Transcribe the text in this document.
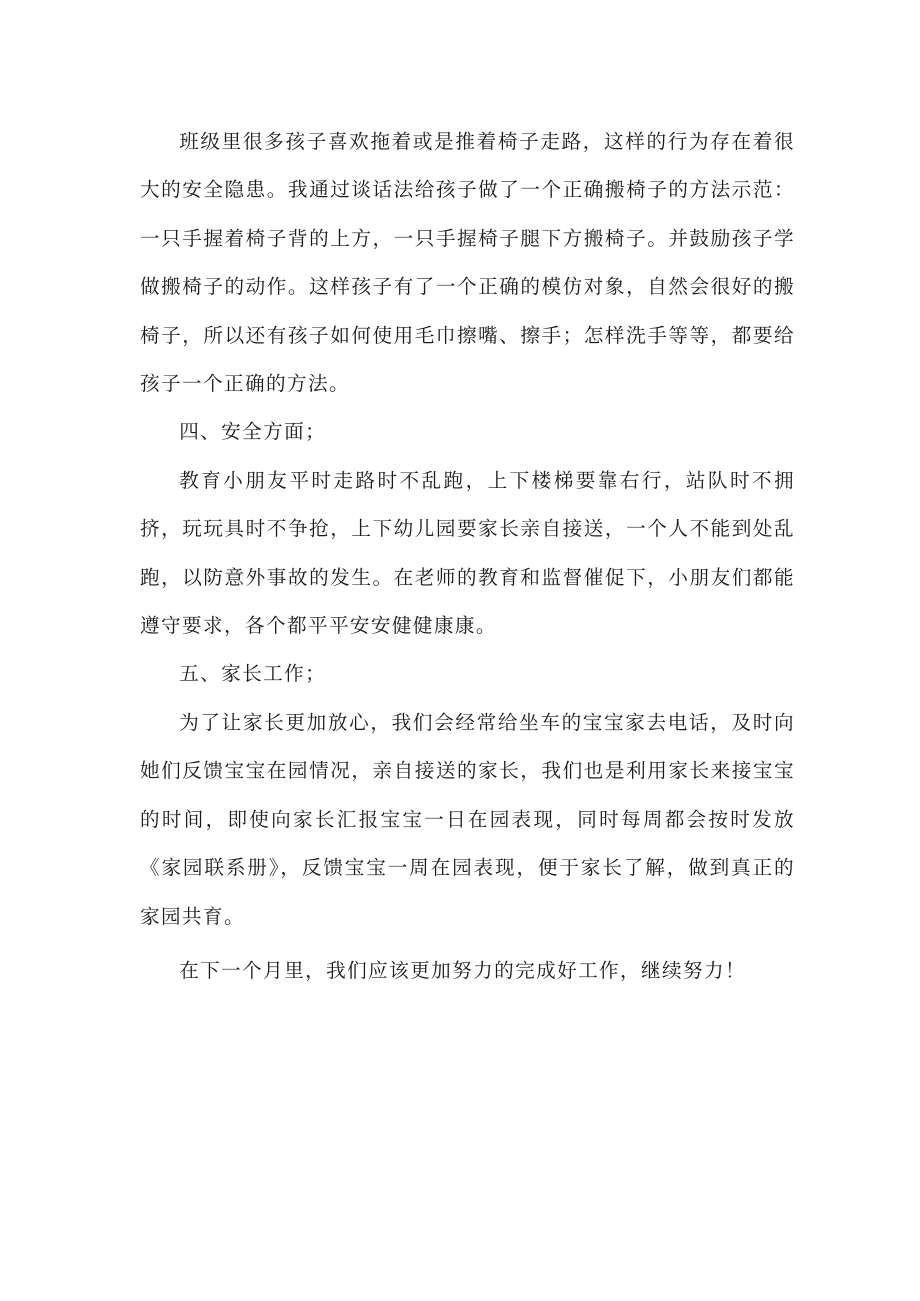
班级里很多孩子喜欢拖着或是推着椅子走路，这样的行为存在着很大的安全隐患。我通过谈话法给孩子做了一个正确搬椅子的方法示范：一只手握着椅子背的上方，一只手握椅子腿下方搬椅子。并鼓励孩子学做搬椅子的动作。这样孩子有了一个正确的模仿对象，自然会很好的搬椅子，所以还有孩子如何使用毛巾擦嘴、擦手；怎样洗手等等，都要给孩子一个正确的方法。

四、安全方面；

教育小朋友平时走路时不乱跑，上下楼梯要靠右行，站队时不拥挤，玩玩具时不争抢，上下幼儿园要家长亲自接送，一个人不能到处乱跑，以防意外事故的发生。在老师的教育和监督催促下，小朋友们都能遵守要求，各个都平平安安健健康康。

五、家长工作；

为了让家长更加放心，我们会经常给坐车的宝宝家去电话，及时向她们反馈宝宝在园情况，亲自接送的家长，我们也是利用家长来接宝宝的时间，即使向家长汇报宝宝一日在园表现，同时每周都会按时发放《家园联系册》，反馈宝宝一周在园表现，便于家长了解，做到真正的家园共育。

在下一个月里，我们应该更加努力的完成好工作，继续努力！
